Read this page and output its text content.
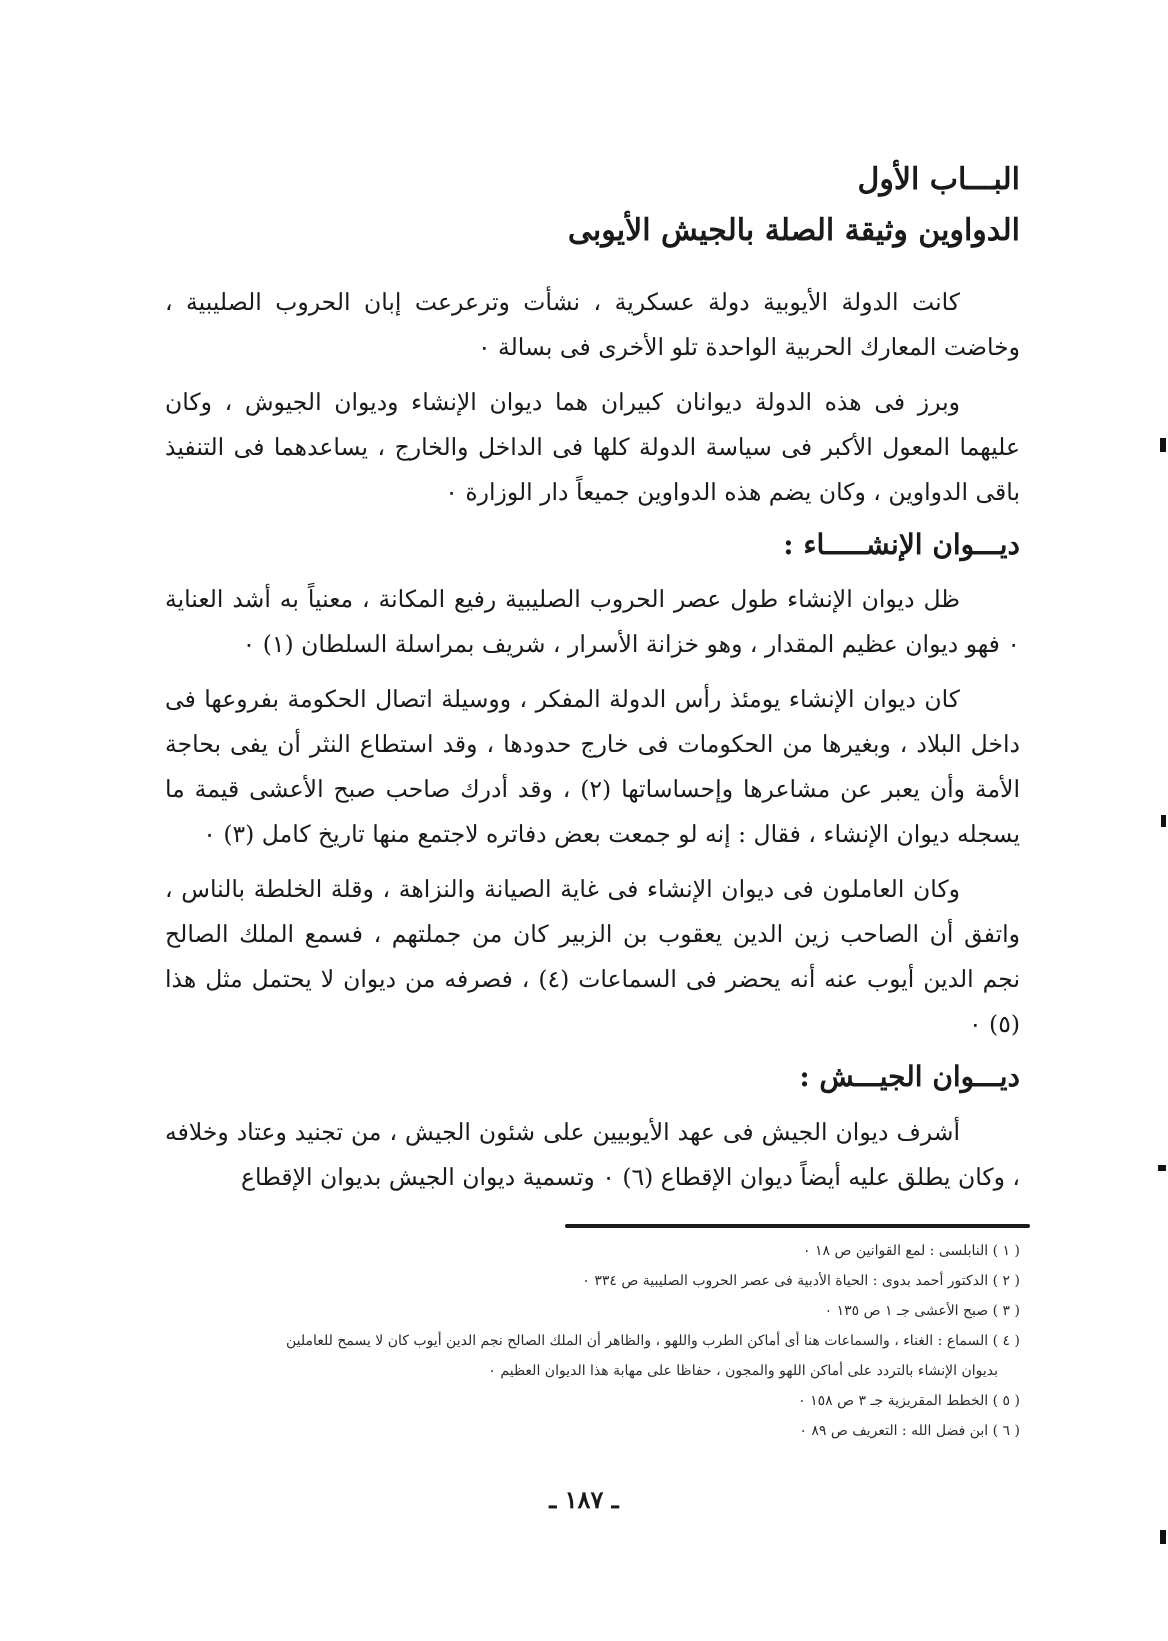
البـــاب الأول
الدواوين وثيقة الصلة بالجيش الأيوبى

كانت الدولة الأيوبية دولة عسكرية ، نشأت وترعرعت إبان الحروب الصليبية ، وخاضت المعارك الحربية الواحدة تلو الأخرى فى بسالة ٠

وبرز فى هذه الدولة ديوانان كبيران هما ديوان الإنشاء وديوان الجيوش ، وكان عليهما المعول الأكبر فى سياسة الدولة كلها فى الداخل والخارج ، يساعدهما فى التنفيذ باقى الدواوين ، وكان يضم هذه الدواوين جميعاً دار الوزارة ٠

ديـــوان الإنشـــــاء :

ظل ديوان الإنشاء طول عصر الحروب الصليبية رفيع المكانة ، معنياً به أشد العناية ٠ فهو ديوان عظيم المقدار ، وهو خزانة الأسرار ، شريف بمراسلة السلطان (١) ٠

كان ديوان الإنشاء يومئذ رأس الدولة المفكر ، ووسيلة اتصال الحكومة بفروعها فى داخل البلاد ، وبغيرها من الحكومات فى خارج حدودها ، وقد استطاع النثر أن يفى بحاجة الأمة وأن يعبر عن مشاعرها وإحساساتها (٢) ، وقد أدرك صاحب صبح الأعشى قيمة ما يسجله ديوان الإنشاء ، فقال : إنه لو جمعت بعض دفاتره لاجتمع منها تاريخ كامل (٣) ٠

وكان العاملون فى ديوان الإنشاء فى غاية الصيانة والنزاهة ، وقلة الخلطة بالناس ، واتفق أن الصاحب زين الدين يعقوب بن الزبير كان من جملتهم ، فسمع الملك الصالح نجم الدين أيوب عنه أنه يحضر فى السماعات (٤) ، فصرفه من ديوان لا يحتمل مثل هذا (٥) ٠

ديـــوان الجيـــش :

أشرف ديوان الجيش فى عهد الأيوبيين على شئون الجيش ، من تجنيد وعتاد وخلافه ، وكان يطلق عليه أيضاً ديوان الإقطاع (٦) ٠ وتسمية ديوان الجيش بديوان الإقطاع

( ١ ) النابلسى : لمع القوانين ص ١٨ ٠
( ٢ ) الدكتور أحمد بدوى : الحياة الأدبية فى عصر الحروب الصليبية ص ٣٣٤ ٠
( ٣ ) صبح الأعشى جـ ١ ص ١٣٥ ٠
( ٤ ) السماع : الغناء ، والسماعات هنا أى أماكن الطرب واللهو ، والظاهر أن الملك الصالح نجم الدين أيوب كان لا يسمح للعاملين
بديوان الإنشاء بالتردد على أماكن اللهو والمجون ، حفاظا على مهابة هذا الديوان العظيم ٠
( ٥ ) الخطط المقريزية جـ ٣ ص ١٥٨ ٠
( ٦ ) ابن فضل الله : التعريف ص ٨٩ ٠
ـ ١٨٧ ـ
